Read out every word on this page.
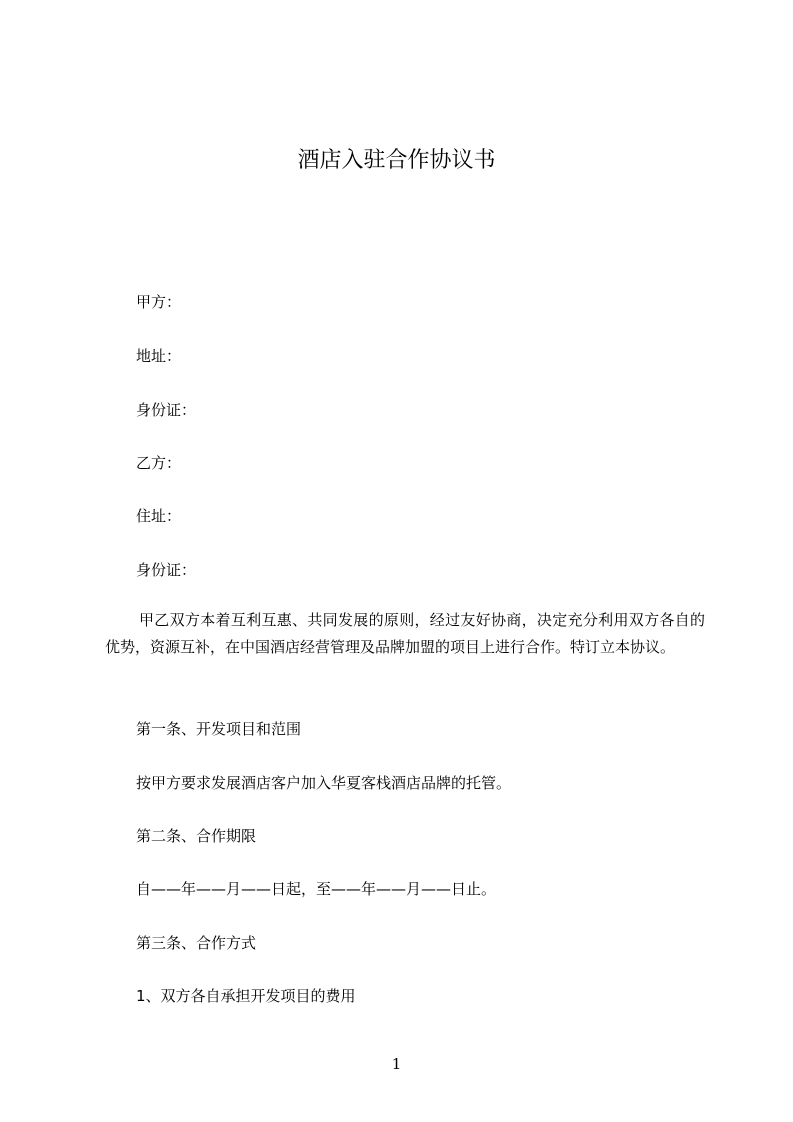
酒店入驻合作协议书
甲方：
地址：
身份证：
乙方：
住址：
身份证：
甲乙双方本着互利互惠、共同发展的原则，经过友好协商，决定充分利用双方各自的优势，资源互补，在中国酒店经营管理及品牌加盟的项目上进行合作。特订立本协议。
第一条、开发项目和范围
按甲方要求发展酒店客户加入华夏客栈酒店品牌的托管。
第二条、合作期限
自——年——月——日起，至——年——月——日止。
第三条、合作方式
1、双方各自承担开发项目的费用
1
